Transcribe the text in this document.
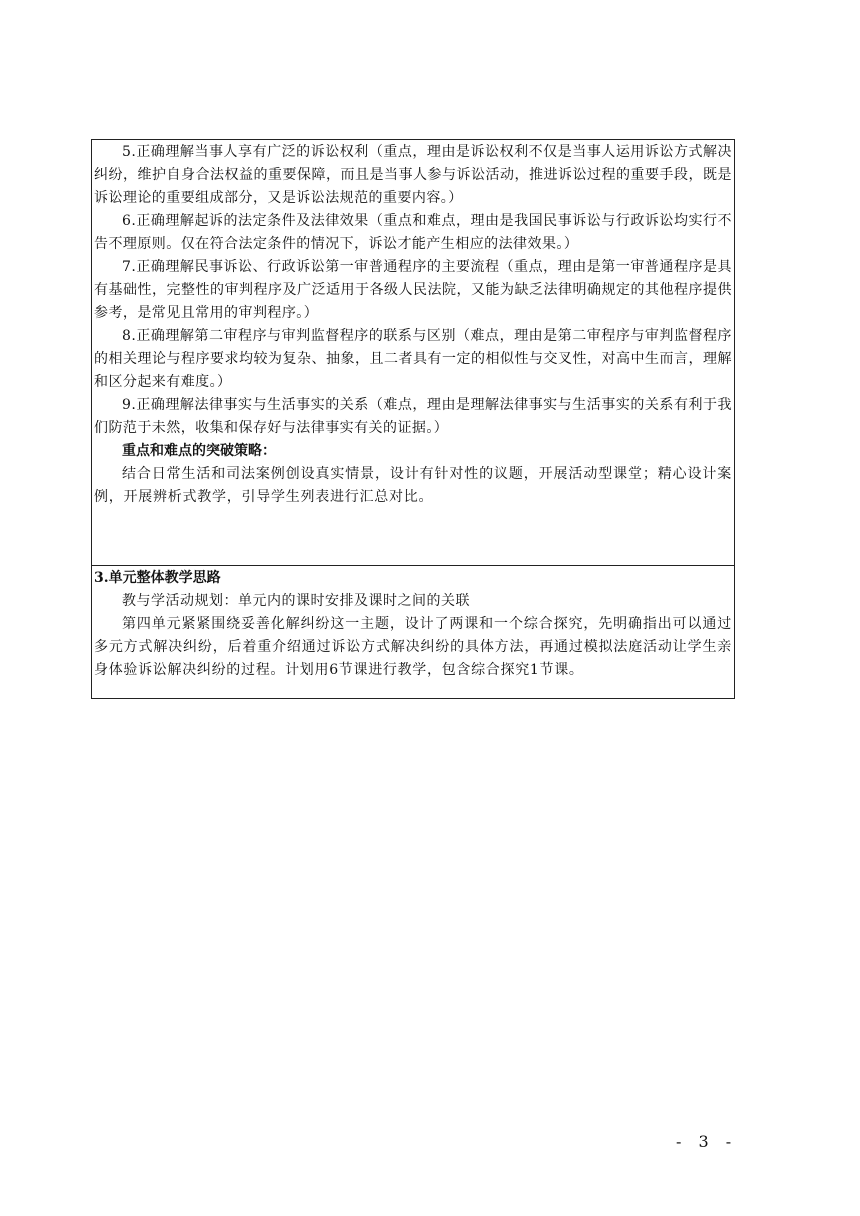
5.正确理解当事人享有广泛的诉讼权利（重点，理由是诉讼权利不仅是当事人运用诉讼方式解决纠纷，维护自身合法权益的重要保障，而且是当事人参与诉讼活动，推进诉讼过程的重要手段，既是诉讼理论的重要组成部分，又是诉讼法规范的重要内容。）

6.正确理解起诉的法定条件及法律效果（重点和难点，理由是我国民事诉讼与行政诉讼均实行不告不理原则。仅在符合法定条件的情况下，诉讼才能产生相应的法律效果。）

7.正确理解民事诉讼、行政诉讼第一审普通程序的主要流程（重点，理由是第一审普通程序是具有基础性，完整性的审判程序及广泛适用于各级人民法院，又能为缺乏法律明确规定的其他程序提供参考，是常见且常用的审判程序。）

8.正确理解第二审程序与审判监督程序的联系与区别（难点，理由是第二审程序与审判监督程序的相关理论与程序要求均较为复杂、抽象，且二者具有一定的相似性与交叉性，对高中生而言，理解和区分起来有难度。）

9.正确理解法律事实与生活事实的关系（难点，理由是理解法律事实与生活事实的关系有利于我们防范于未然，收集和保存好与法律事实有关的证据。）

重点和难点的突破策略：

结合日常生活和司法案例创设真实情景，设计有针对性的议题，开展活动型课堂；精心设计案例，开展辨析式教学，引导学生列表进行汇总对比。

3.单元整体教学思路

教与学活动规划：单元内的课时安排及课时之间的关联

第四单元紧紧围绕妥善化解纠纷这一主题，设计了两课和一个综合探究，先明确指出可以通过多元方式解决纠纷，后着重介绍通过诉讼方式解决纠纷的具体方法，再通过模拟法庭活动让学生亲身体验诉讼解决纠纷的过程。计划用6节课进行教学，包含综合探究1节课。

- 3 -
